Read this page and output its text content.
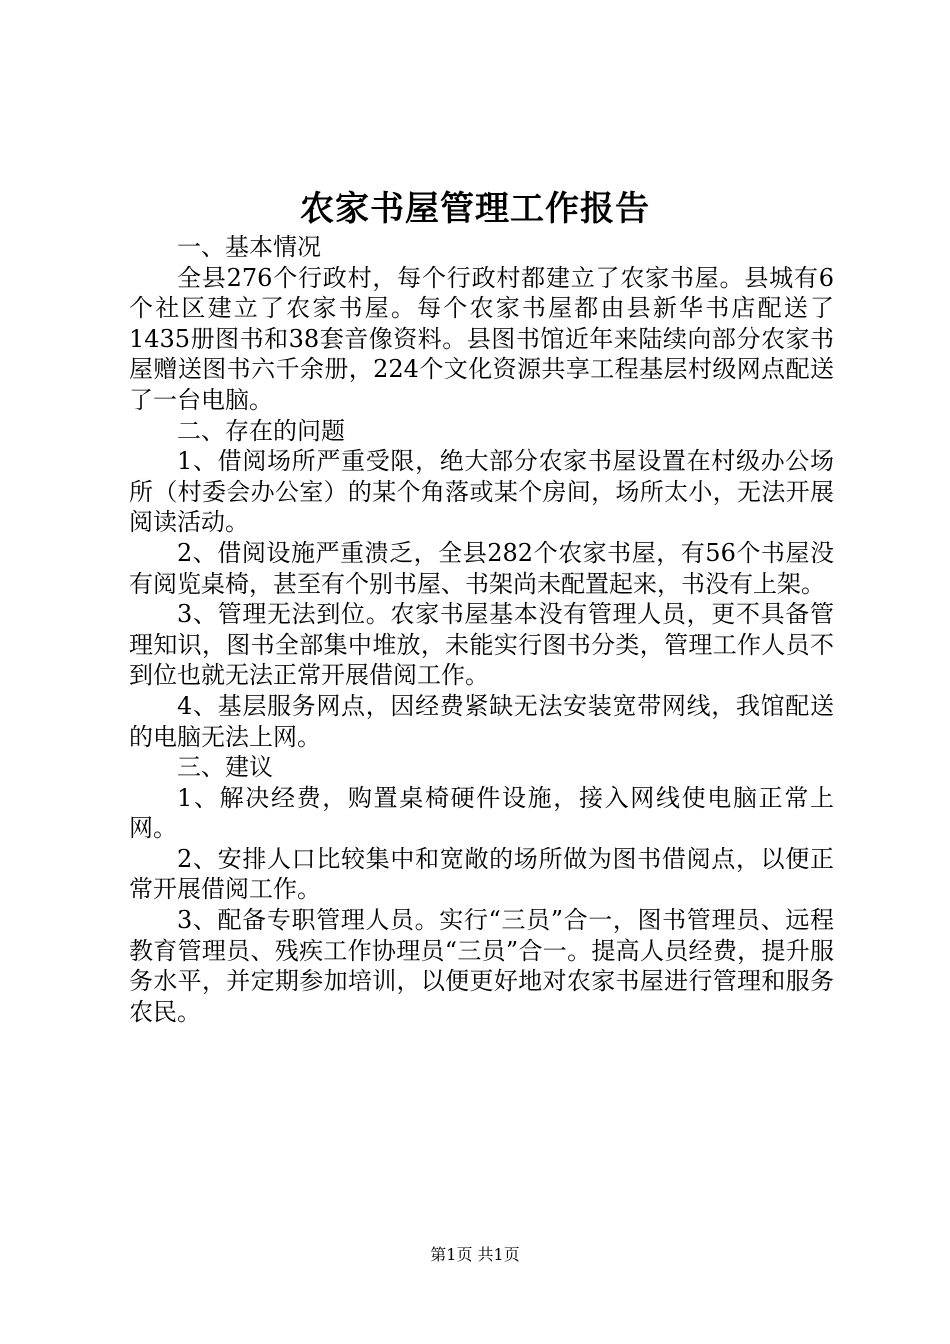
农家书屋管理工作报告

一、基本情况

全县276个行政村，每个行政村都建立了农家书屋。县城有6个社区建立了农家书屋。每个农家书屋都由县新华书店配送了1435册图书和38套音像资料。县图书馆近年来陆续向部分农家书屋赠送图书六千余册，224个文化资源共享工程基层村级网点配送了一台电脑。

二、存在的问题

1、借阅场所严重受限，绝大部分农家书屋设置在村级办公场所（村委会办公室）的某个角落或某个房间，场所太小，无法开展阅读活动。

2、借阅设施严重溃乏，全县282个农家书屋，有56个书屋没有阅览桌椅，甚至有个别书屋、书架尚未配置起来，书没有上架。

3、管理无法到位。农家书屋基本没有管理人员，更不具备管理知识，图书全部集中堆放，未能实行图书分类，管理工作人员不到位也就无法正常开展借阅工作。

4、基层服务网点，因经费紧缺无法安装宽带网线，我馆配送的电脑无法上网。

三、建议

1、解决经费，购置桌椅硬件设施，接入网线使电脑正常上网。

2、安排人口比较集中和宽敞的场所做为图书借阅点，以便正常开展借阅工作。

3、配备专职管理人员。实行“三员”合一，图书管理员、远程教育管理员、残疾工作协理员“三员”合一。提高人员经费，提升服务水平，并定期参加培训，以便更好地对农家书屋进行管理和服务农民。

第1页 共1页
